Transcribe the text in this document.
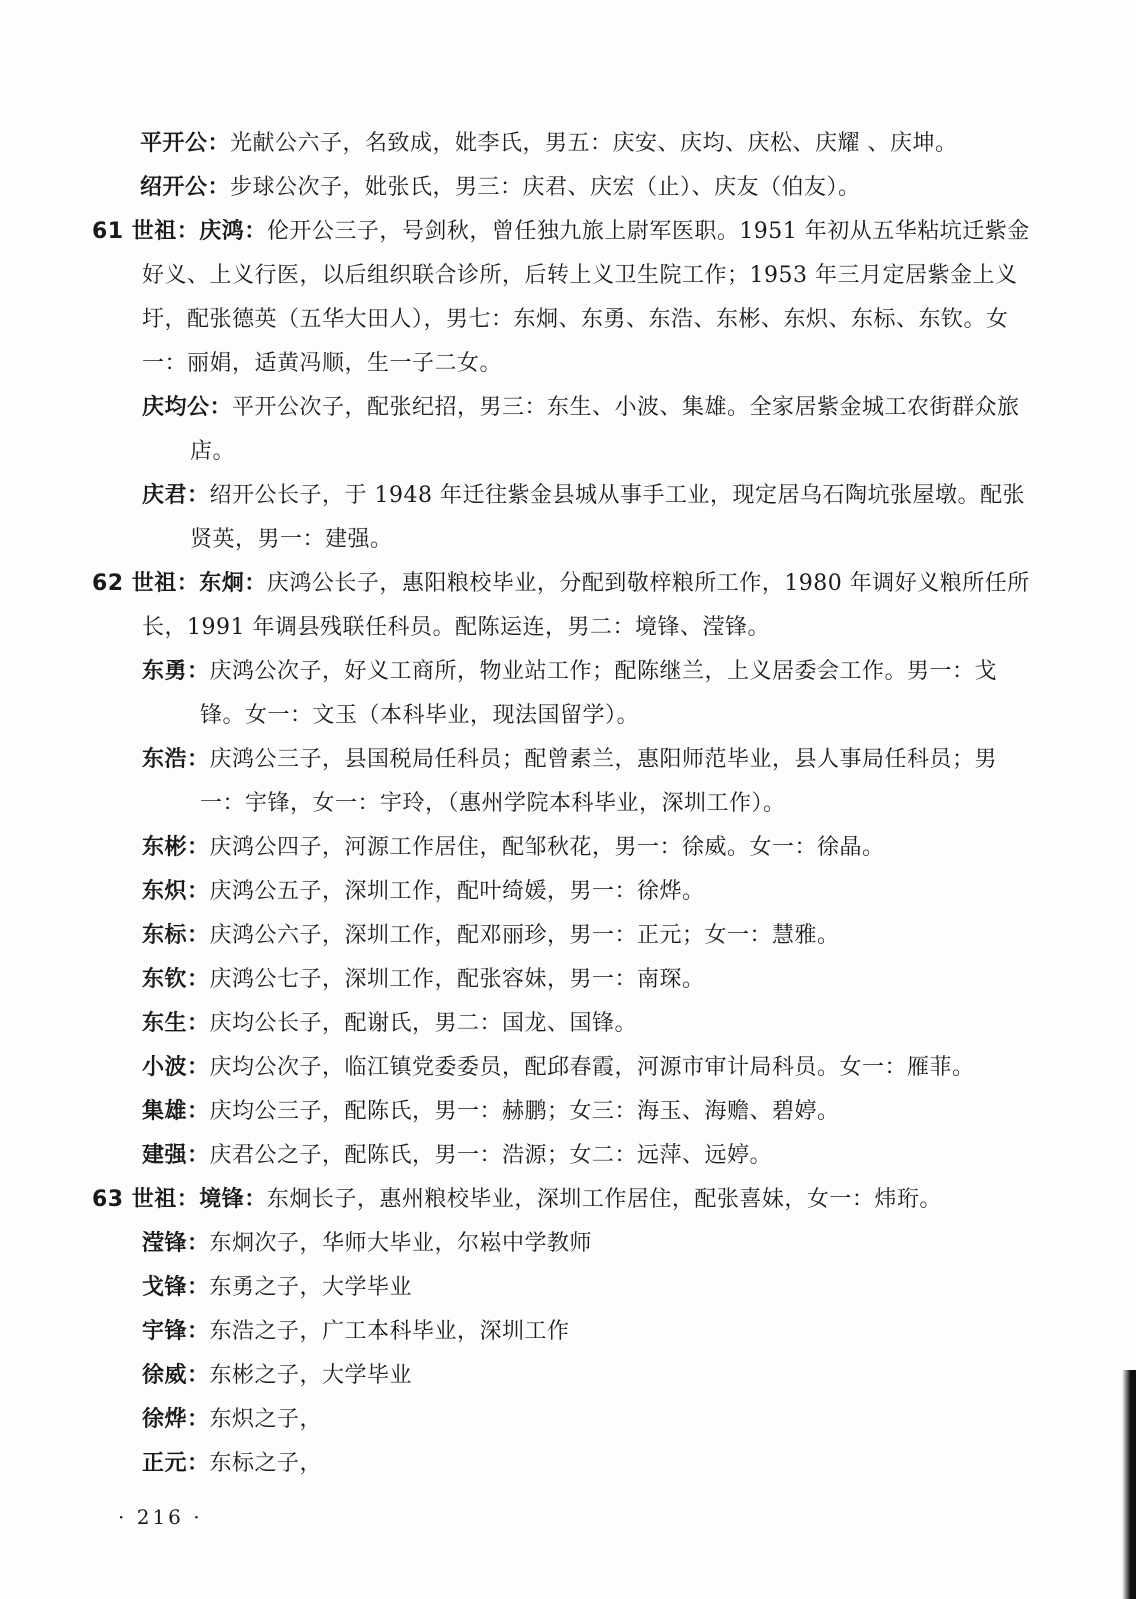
平开公：光献公六子，名致成，妣李氏，男五：庆安、庆均、庆松、庆耀 、庆坤。
绍开公：步球公次子，妣张氏，男三：庆君、庆宏（止）、庆友（伯友）。
61 世祖：庆鸿：伦开公三子，号剑秋，曾任独九旅上尉军医职。1951 年初从五华粘坑迁紫金好义、上义行医，以后组织联合诊所，后转上义卫生院工作；1953 年三月定居紫金上义圩，配张德英（五华大田人），男七：东炯、东勇、东浩、东彬、东炽、东标、东钦。女一：丽娟，适黄冯顺，生一子二女。
庆均公：平开公次子，配张纪招，男三：东生、小波、集雄。全家居紫金城工农街群众旅店。
庆君：绍开公长子，于 1948 年迁往紫金县城从事手工业，现定居乌石陶坑张屋墩。配张贤英，男一：建强。
62 世祖：东炯：庆鸿公长子，惠阳粮校毕业，分配到敬梓粮所工作，1980 年调好义粮所任所长，1991 年调县残联任科员。配陈运连，男二：境锋、滢锋。
东勇：庆鸿公次子，好义工商所，物业站工作；配陈继兰，上义居委会工作。男一：戈锋。女一：文玉（本科毕业，现法国留学）。
东浩：庆鸿公三子，县国税局任科员；配曾素兰，惠阳师范毕业，县人事局任科员；男一：宇锋，女一：宇玲，（惠州学院本科毕业，深圳工作）。
东彬：庆鸿公四子，河源工作居住，配邹秋花，男一：徐威。女一：徐晶。
东炽：庆鸿公五子，深圳工作，配叶绮媛，男一：徐烨。
东标：庆鸿公六子，深圳工作，配邓丽珍，男一：正元；女一：慧雅。
东钦：庆鸿公七子，深圳工作，配张容妹，男一：南琛。
东生：庆均公长子，配谢氏，男二：国龙、国锋。
小波：庆均公次子，临江镇党委委员，配邱春霞，河源市审计局科员。女一：雁菲。
集雄：庆均公三子，配陈氏，男一：赫鹏；女三：海玉、海赡、碧婷。
建强：庆君公之子，配陈氏，男一：浩源；女二：远萍、远婷。
63 世祖：境锋：东炯长子，惠州粮校毕业，深圳工作居住，配张喜妹，女一：炜珩。
滢锋：东炯次子，华师大毕业，尔崧中学教师
戈锋：东勇之子，大学毕业
宇锋：东浩之子，广工本科毕业，深圳工作
徐威：东彬之子，大学毕业
徐烨：东炽之子，
正元：东标之子，
· 216 ·
